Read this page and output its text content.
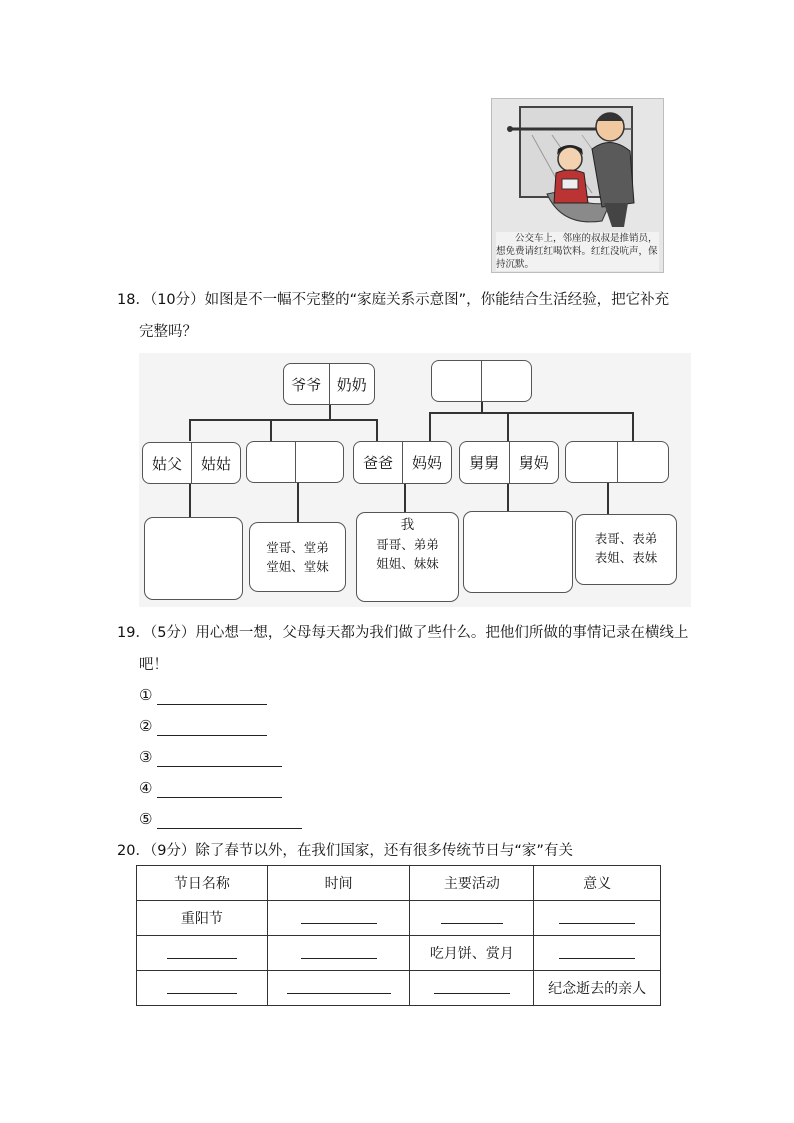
公交车上，邻座的叔叔是推销员，想免费请红红喝饮料。红红没吭声，保持沉默。
18．（10分）如图是不一幅不完整的“家庭关系示意图”，你能结合生活经验，把它补充
完整吗？
爷爷	奶奶
姑父	姑姑	爸爸	妈妈	舅舅	舅妈
堂哥、堂弟
堂姐、堂妹
我
哥哥、弟弟
姐姐、妹妹
表哥、表弟
表姐、表妹
19．（5分）用心想一想，父母每天都为我们做了些什么。把他们所做的事情记录在横线上
吧！
①
②
③
④
⑤
20．（9分）除了春节以外，在我们国家，还有很多传统节日与“家”有关
节日名称	时间	主要活动	意义
重阳节			
		吃月饼、赏月	
			纪念逝去的亲人
